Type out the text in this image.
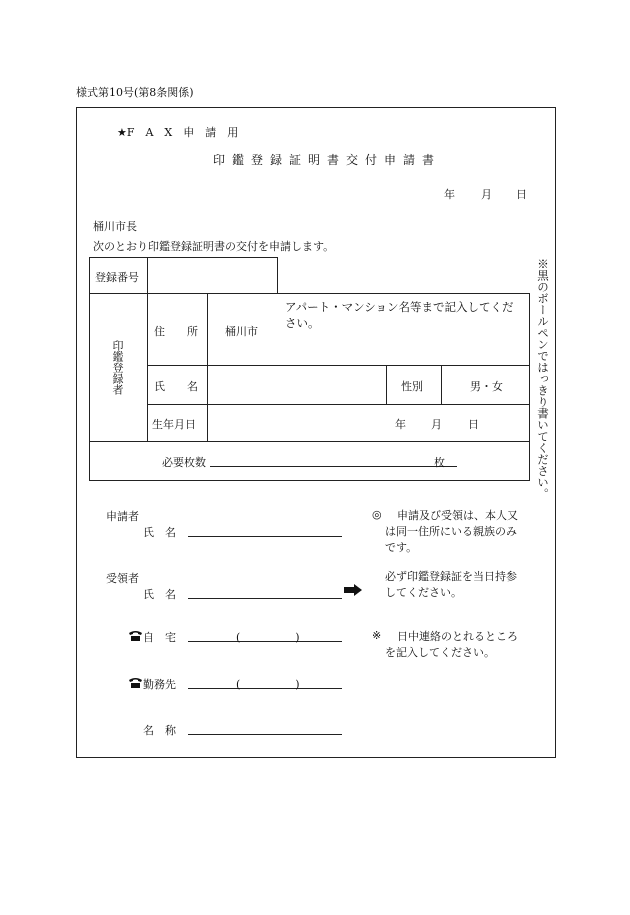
様式第10号(第8条関係)
★F　A　X　申　請　用
印鑑登録証明書交付申請書
年 月 日
桶川市長
次のとおり印鑑登録証明書の交付を申請します。
※黒のボールペンではっきり書いてください。
登録番号
印鑑登録者
住　　所 桶川市
アパート・マンション名等まで記入してください。
氏　　名	性別	男・女
生年月日	年 月 日
必要枚数	枚
申請者
氏　名
◎	申請及び受領は、本人又は同一住所にいる親族のみです。
受領者
氏　名
必ず印鑑登録証を当日持参してください。
自　宅	(　　　　　)
勤務先	(　　　　　)
※	日中連絡のとれるところを記入してください。
名　称
